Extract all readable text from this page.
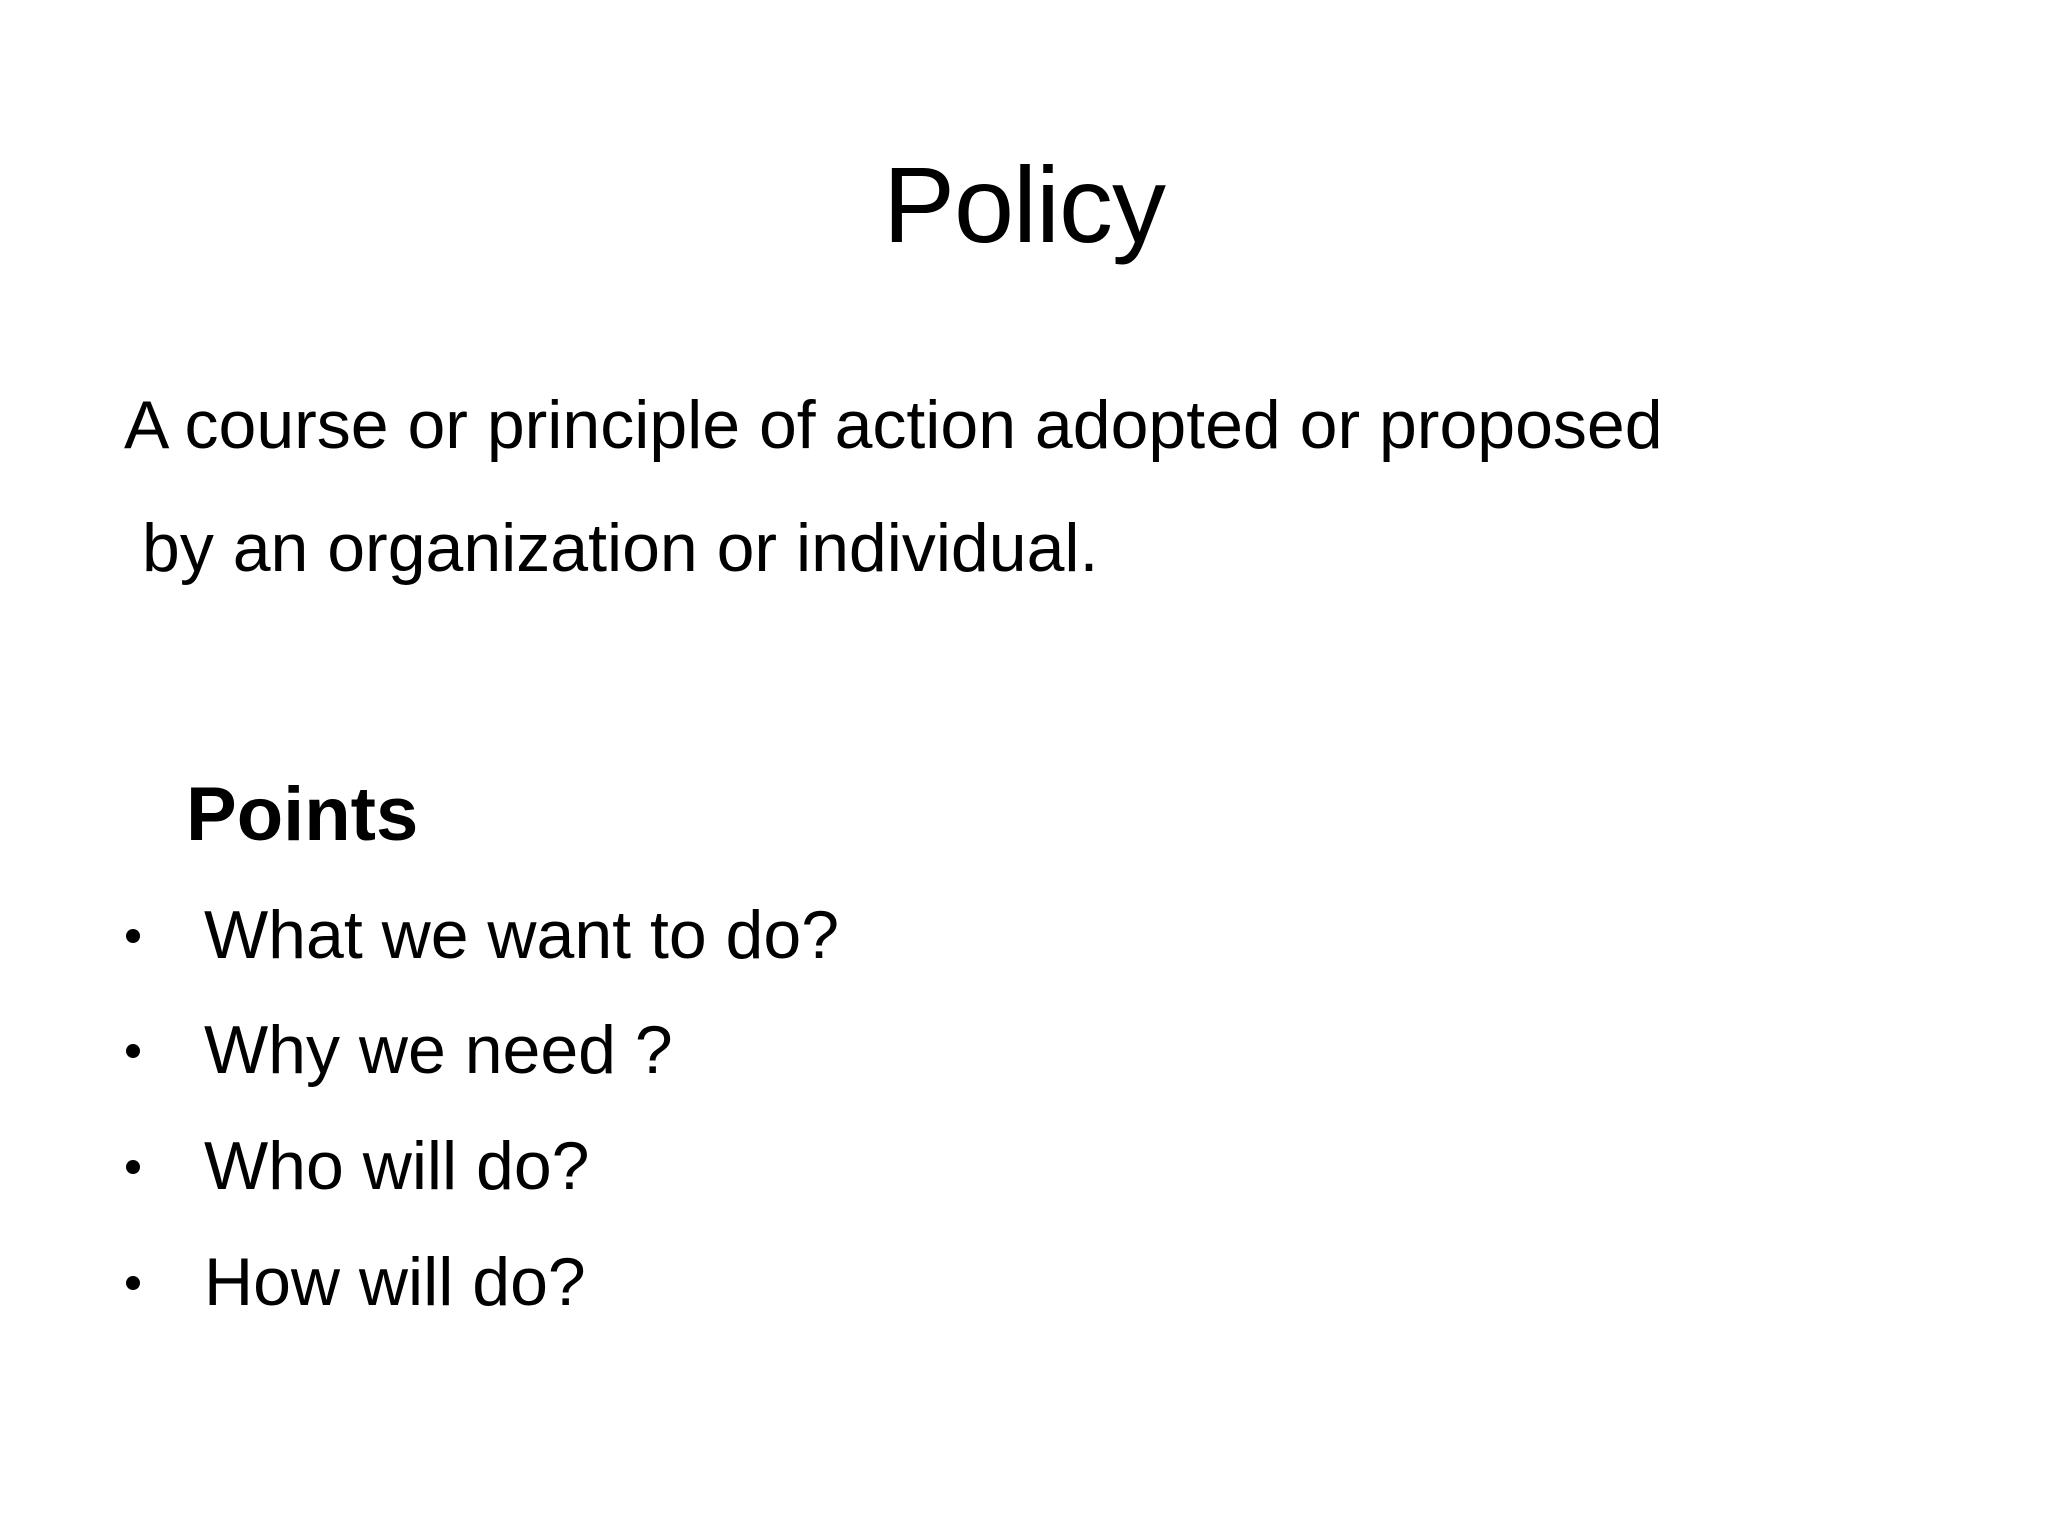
Policy

A course or principle of action adopted or proposed

by an organization or individual.

Points

What we want to do?
Why we need ?
Who will do?
How will do?
